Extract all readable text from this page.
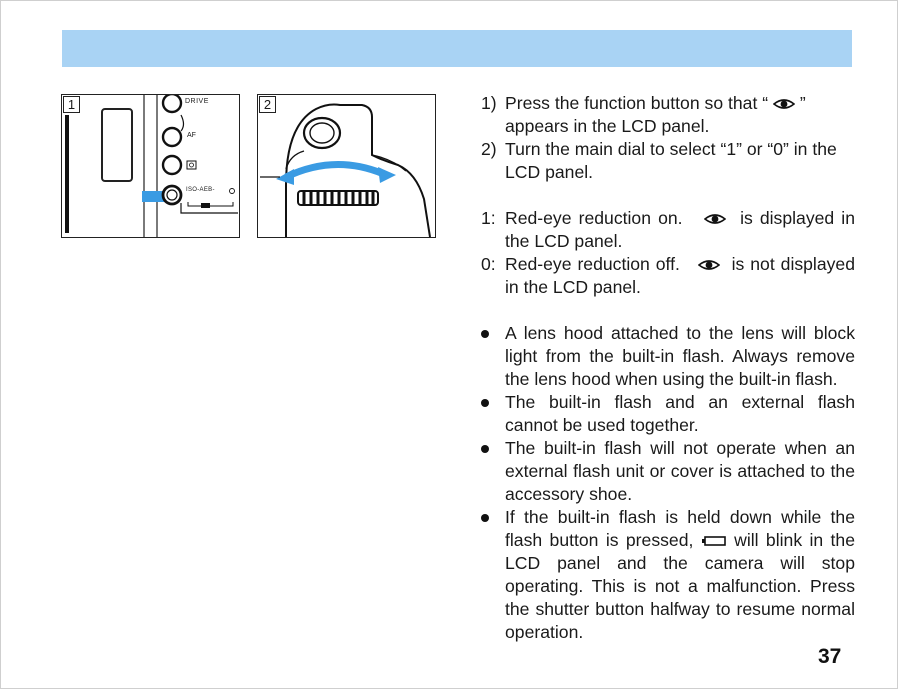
1	DRIVE
AF
ISO-AEB-
2	1) Press the function button so that “ ” appears in the LCD panel.
2) Turn the main dial to select “1” or “0” in the LCD panel.
1: Red-eye reduction on.	is displayed in the LCD panel.
0: Red-eye reduction off.	is not displayed in the LCD panel.
A lens hood attached to the lens will block light from the built-in flash. Always remove the lens hood when using the built-in flash.
The built-in flash and an external flash cannot be used together.
The built-in flash will not operate when an external flash unit or cover is attached to the accessory shoe.
If the built-in flash is held down while the flash button is pressed, will blink in the LCD panel and the camera will stop operating. This is not a malfunction. Press the shutter button halfway to resume normal operation.
37
